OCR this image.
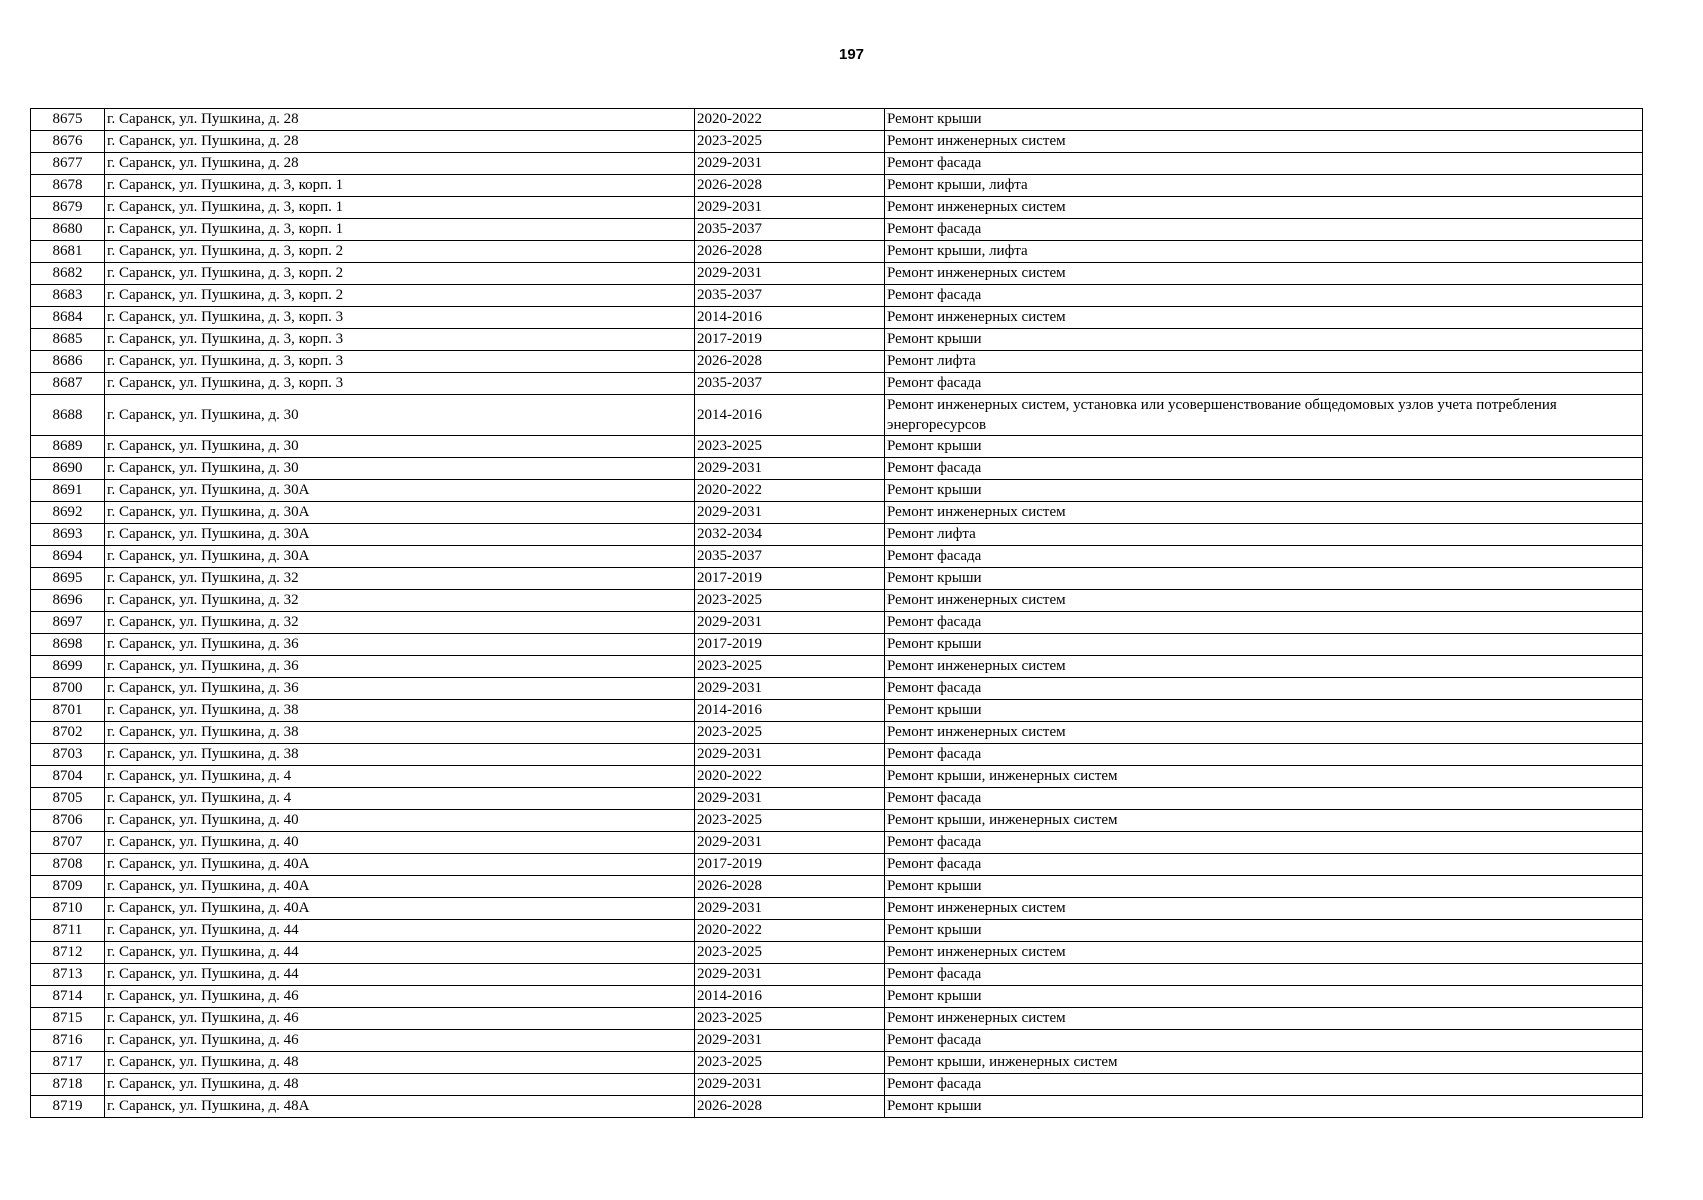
197
8675	г. Саранск, ул. Пушкина, д. 28	2020-2022	Ремонт крыши
8676	г. Саранск, ул. Пушкина, д. 28	2023-2025	Ремонт инженерных систем
8677	г. Саранск, ул. Пушкина, д. 28	2029-2031	Ремонт фасада
8678	г. Саранск, ул. Пушкина, д. 3, корп. 1	2026-2028	Ремонт крыши, лифта
8679	г. Саранск, ул. Пушкина, д. 3, корп. 1	2029-2031	Ремонт инженерных систем
8680	г. Саранск, ул. Пушкина, д. 3, корп. 1	2035-2037	Ремонт фасада
8681	г. Саранск, ул. Пушкина, д. 3, корп. 2	2026-2028	Ремонт крыши, лифта
8682	г. Саранск, ул. Пушкина, д. 3, корп. 2	2029-2031	Ремонт инженерных систем
8683	г. Саранск, ул. Пушкина, д. 3, корп. 2	2035-2037	Ремонт фасада
8684	г. Саранск, ул. Пушкина, д. 3, корп. 3	2014-2016	Ремонт инженерных систем
8685	г. Саранск, ул. Пушкина, д. 3, корп. 3	2017-2019	Ремонт крыши
8686	г. Саранск, ул. Пушкина, д. 3, корп. 3	2026-2028	Ремонт лифта
8687	г. Саранск, ул. Пушкина, д. 3, корп. 3	2035-2037	Ремонт фасада
8688	г. Саранск, ул. Пушкина, д. 30	2014-2016	Ремонт инженерных систем, установка или усовершенствование общедомовых узлов учета потребления энергоресурсов
8689	г. Саранск, ул. Пушкина, д. 30	2023-2025	Ремонт крыши
8690	г. Саранск, ул. Пушкина, д. 30	2029-2031	Ремонт фасада
8691	г. Саранск, ул. Пушкина, д. 30А	2020-2022	Ремонт крыши
8692	г. Саранск, ул. Пушкина, д. 30А	2029-2031	Ремонт инженерных систем
8693	г. Саранск, ул. Пушкина, д. 30А	2032-2034	Ремонт лифта
8694	г. Саранск, ул. Пушкина, д. 30А	2035-2037	Ремонт фасада
8695	г. Саранск, ул. Пушкина, д. 32	2017-2019	Ремонт крыши
8696	г. Саранск, ул. Пушкина, д. 32	2023-2025	Ремонт инженерных систем
8697	г. Саранск, ул. Пушкина, д. 32	2029-2031	Ремонт фасада
8698	г. Саранск, ул. Пушкина, д. 36	2017-2019	Ремонт крыши
8699	г. Саранск, ул. Пушкина, д. 36	2023-2025	Ремонт инженерных систем
8700	г. Саранск, ул. Пушкина, д. 36	2029-2031	Ремонт фасада
8701	г. Саранск, ул. Пушкина, д. 38	2014-2016	Ремонт крыши
8702	г. Саранск, ул. Пушкина, д. 38	2023-2025	Ремонт инженерных систем
8703	г. Саранск, ул. Пушкина, д. 38	2029-2031	Ремонт фасада
8704	г. Саранск, ул. Пушкина, д. 4	2020-2022	Ремонт крыши, инженерных систем
8705	г. Саранск, ул. Пушкина, д. 4	2029-2031	Ремонт фасада
8706	г. Саранск, ул. Пушкина, д. 40	2023-2025	Ремонт крыши, инженерных систем
8707	г. Саранск, ул. Пушкина, д. 40	2029-2031	Ремонт фасада
8708	г. Саранск, ул. Пушкина, д. 40А	2017-2019	Ремонт фасада
8709	г. Саранск, ул. Пушкина, д. 40А	2026-2028	Ремонт крыши
8710	г. Саранск, ул. Пушкина, д. 40А	2029-2031	Ремонт инженерных систем
8711	г. Саранск, ул. Пушкина, д. 44	2020-2022	Ремонт крыши
8712	г. Саранск, ул. Пушкина, д. 44	2023-2025	Ремонт инженерных систем
8713	г. Саранск, ул. Пушкина, д. 44	2029-2031	Ремонт фасада
8714	г. Саранск, ул. Пушкина, д. 46	2014-2016	Ремонт крыши
8715	г. Саранск, ул. Пушкина, д. 46	2023-2025	Ремонт инженерных систем
8716	г. Саранск, ул. Пушкина, д. 46	2029-2031	Ремонт фасада
8717	г. Саранск, ул. Пушкина, д. 48	2023-2025	Ремонт крыши, инженерных систем
8718	г. Саранск, ул. Пушкина, д. 48	2029-2031	Ремонт фасада
8719	г. Саранск, ул. Пушкина, д. 48А	2026-2028	Ремонт крыши
